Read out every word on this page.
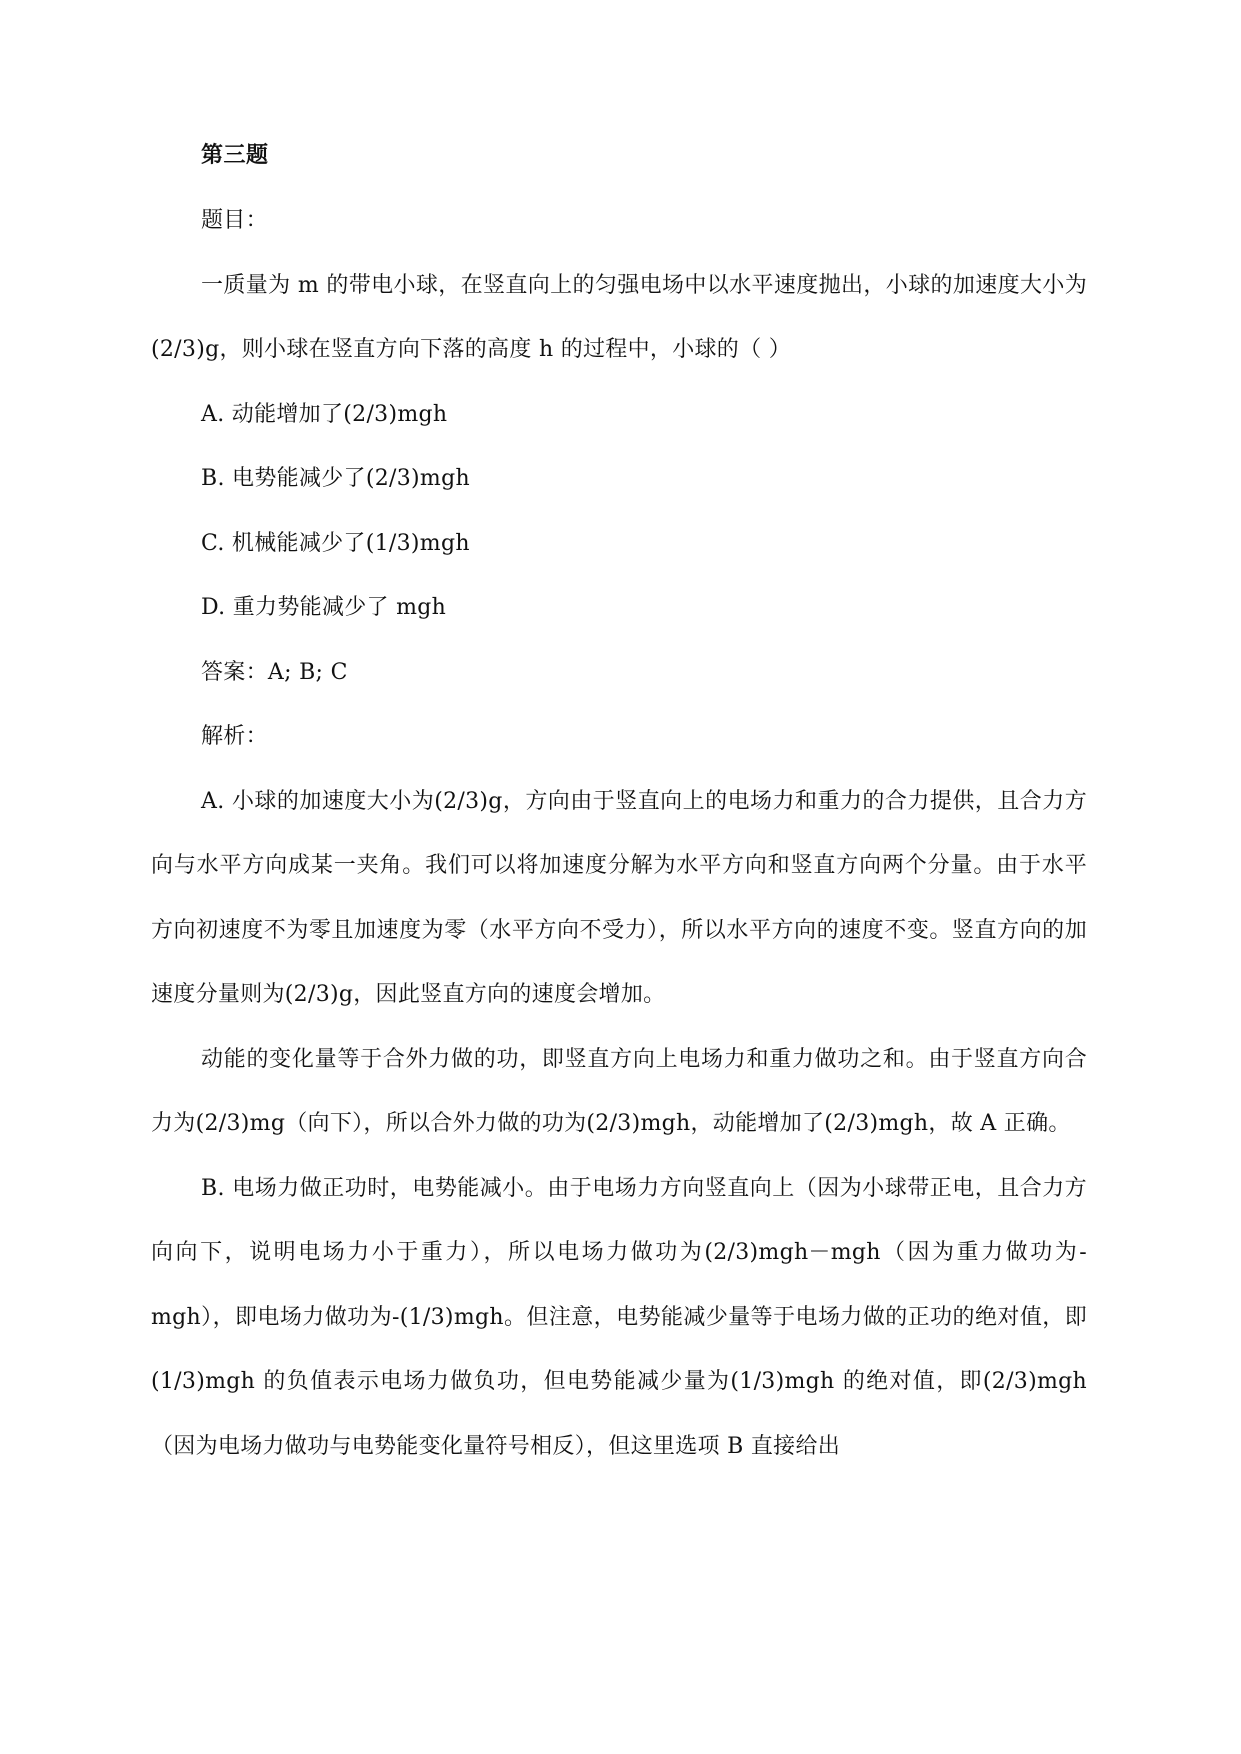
第三题

题目：

一质量为 m 的带电小球，在竖直向上的匀强电场中以水平速度抛出，小球的加速度大小为(2/3)g，则小球在竖直方向下落的高度 h 的过程中，小球的（ ）

A. 动能增加了(2/3)mgh

B. 电势能减少了(2/3)mgh

C. 机械能减少了(1/3)mgh

D. 重力势能减少了 mgh

答案：A; B; C

解析：

A. 小球的加速度大小为(2/3)g，方向由于竖直向上的电场力和重力的合力提供，且合力方向与水平方向成某一夹角。我们可以将加速度分解为水平方向和竖直方向两个分量。由于水平方向初速度不为零且加速度为零（水平方向不受力），所以水平方向的速度不变。竖直方向的加速度分量则为(2/3)g，因此竖直方向的速度会增加。

动能的变化量等于合外力做的功，即竖直方向上电场力和重力做功之和。由于竖直方向合力为(2/3)mg（向下），所以合外力做的功为(2/3)mgh，动能增加了(2/3)mgh，故 A 正确。

B. 电场力做正功时，电势能减小。由于电场力方向竖直向上（因为小球带正电，且合力方向向下，说明电场力小于重力），所以电场力做功为(2/3)mgh－mgh（因为重力做功为-mgh），即电场力做功为-(1/3)mgh。但注意，电势能减少量等于电场力做的正功的绝对值，即(1/3)mgh 的负值表示电场力做负功，但电势能减少量为(1/3)mgh 的绝对值，即(2/3)mgh（因为电场力做功与电势能变化量符号相反），但这里选项 B 直接给出
